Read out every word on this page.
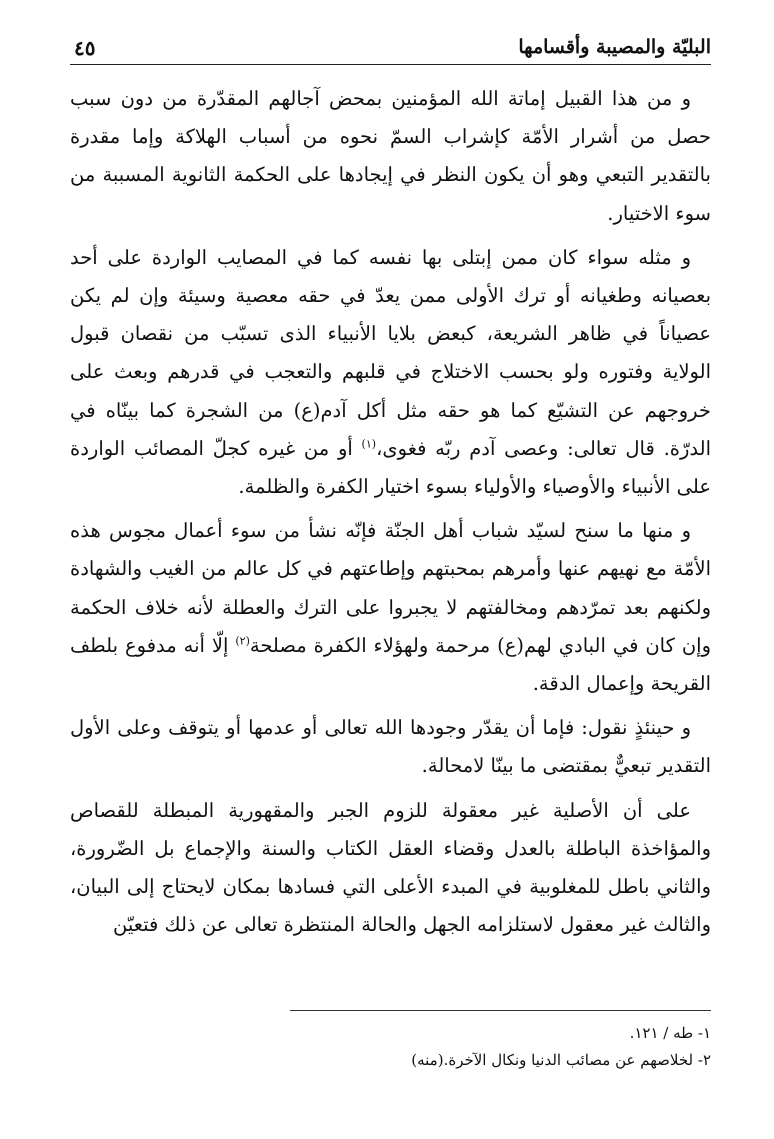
البليّة والمصيبة وأقسامها
٤٥

و من هذا القبيل إماتة الله المؤمنين بمحض آجالهم المقدّرة من دون سبب حصل من أشرار الأمّة كإشراب السمّ نحوه من أسباب الهلاكة وإما مقدرة بالتقدير التبعي وهو أن يكون النظر في إيجادها على الحكمة الثانوية المسببة من سوء الاختيار.

و مثله سواء كان ممن إبتلى بها نفسه كما في المصايب الواردة على أحد بعصيانه وطغيانه أو ترك الأولى ممن يعدّ في حقه معصية وسيئة وإن لم يكن عصياناً في ظاهر الشريعة، كبعض بلايا الأنبياء الذى تسبّب من نقصان قبول الولاية وفتوره ولو بحسب الاختلاج في قلبهم والتعجب في قدرهم وبعث على خروجهم عن التشيّع كما هو حقه مثل أكل آدم(ع) من الشجرة كما بينّاه في الدرّة. قال تعالى: وعصى آدم ربّه فغوى،$^{(١)}$ أو من غيره كجلّ المصائب الواردة على الأنبياء والأوصياء والأولياء بسوء اختيار الكفرة والظلمة.

و منها ما سنح لسيّد شباب أهل الجنّة فإنّه نشأ من سوء أعمال مجوس هذه الأمّة مع نهيهم عنها وأمرهم بمحبتهم وإطاعتهم في كل عالم من الغيب والشهادة ولكنهم بعد تمرّدهم ومخالفتهم لا يجبروا على الترك والعطلة لأنه خلاف الحكمة وإن كان في البادي لهم(ع) مرحمة ولهؤلاء الكفرة مصلحة$^{(٢)}$ إلّا أنه مدفوع بلطف القريحة وإعمال الدقة.

و حينئذٍ نقول: فإما أن يقدّر وجودها الله تعالى أو عدمها أو يتوقف وعلى الأول التقدير تبعيٌّ بمقتضى ما بينّا لامحالة.

على أن الأصلية غير معقولة للزوم الجبر والمقهورية المبطلة للقصاص والمؤاخذة الباطلة بالعدل وقضاء العقل الكتاب والسنة والإجماع بل الضّرورة، والثاني باطل للمغلوبية في المبدء الأعلى التي فسادها بمكان لايحتاج إلى البيان، والثالث غير معقول لاستلزامه الجهل والحالة المنتظرة تعالى عن ذلك فتعيّن

١- طه / ١٢١.
٢- لخلاصهم عن مصائب الدنيا ونكال الآخرة.(منه)
